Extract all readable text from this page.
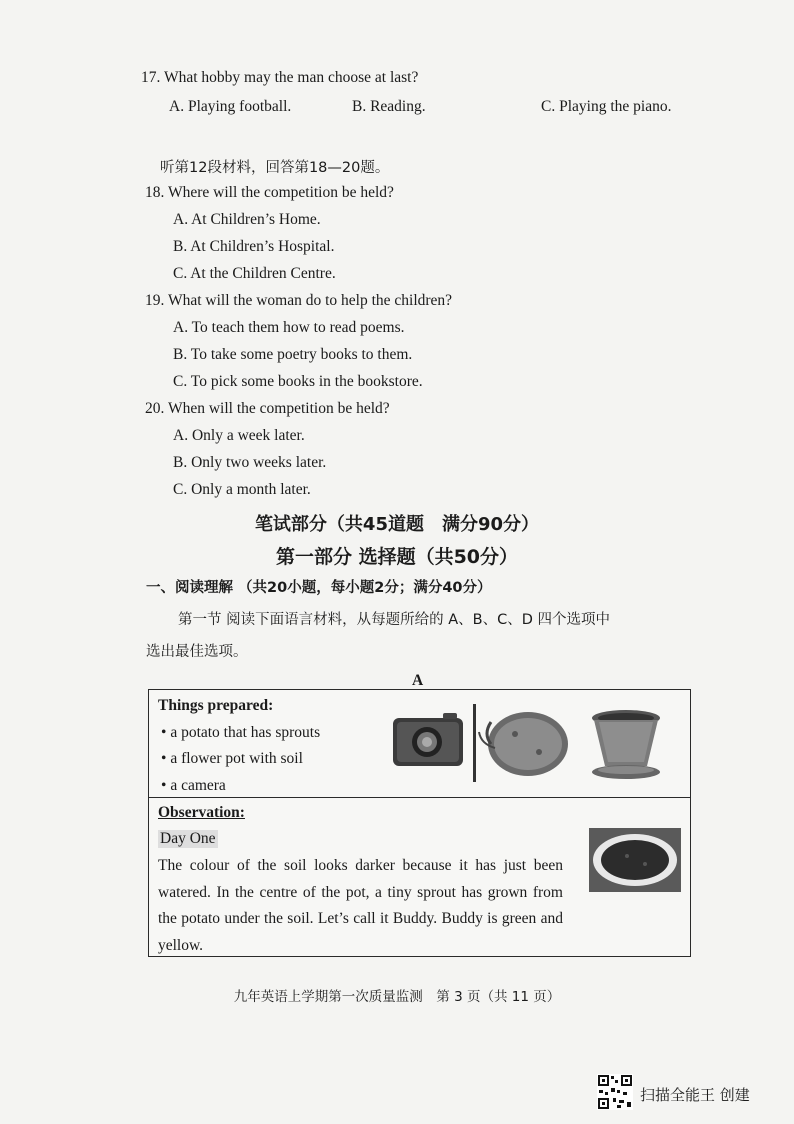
17. What hobby may the man choose at last?
A. Playing football.	B. Reading.	C. Playing the piano.
听第12段材料，回答第18—20题。
18. Where will the competition be held?
A. At Children’s Home.
B. At Children’s Hospital.
C. At the Children Centre.
19. What will the woman do to help the children?
A. To teach them how to read poems.
B. To take some poetry books to them.
C. To pick some books in the bookstore.
20. When will the competition be held?
A. Only a week later.
B. Only two weeks later.
C. Only a month later.
笔试部分（共45道题　满分90分）
第一部分 选择题（共50分）
一、阅读理解 （共20小题，每小题2分；满分40分）
第一节 阅读下面语言材料，从每题所给的 A、B、C、D 四个选项中
选出最佳选项。
A
Things prepared:
• a potato that has sprouts
• a flower pot with soil
• a camera
Observation:
Day One
The colour of the soil looks darker because it has just been watered. In the centre of the pot, a tiny sprout has grown from the potato under the soil. Let’s call it Buddy. Buddy is green and yellow.
九年英语上学期第一次质量监测　第 3 页（共 11 页）
扫描全能王 创建
